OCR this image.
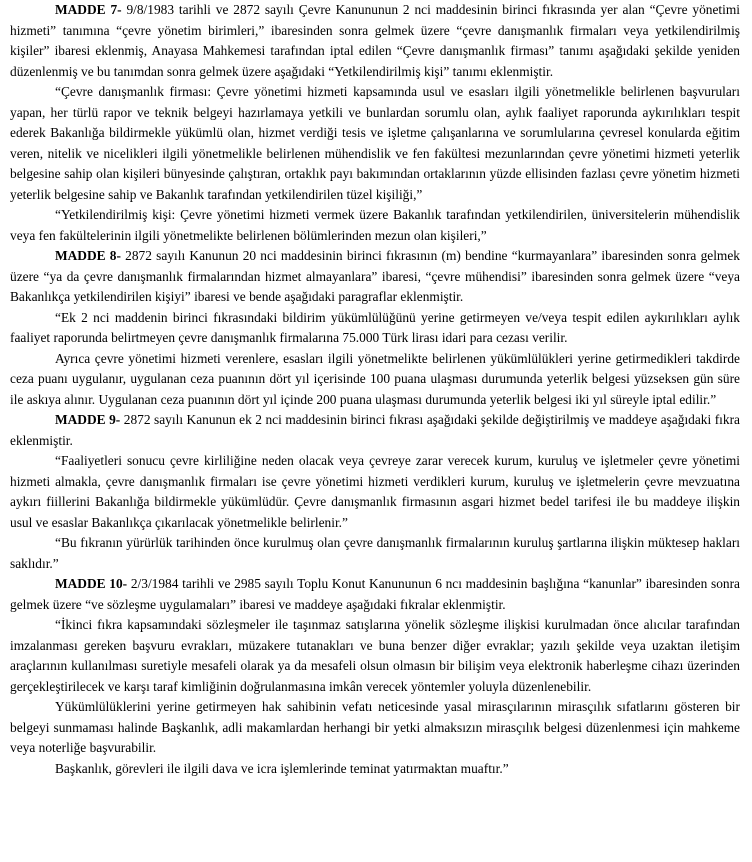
MADDE 7- 9/8/1983 tarihli ve 2872 sayılı Çevre Kanununun 2 nci maddesinin birinci fıkrasında yer alan “Çevre yönetimi hizmeti” tanımına “çevre yönetim birimleri,” ibaresinden sonra gelmek üzere “çevre danışmanlık firmaları veya yetkilendirilmiş kişiler” ibaresi eklenmiş, Anayasa Mahkemesi tarafından iptal edilen “Çevre danışmanlık firması” tanımı aşağıdaki şekilde yeniden düzenlenmiş ve bu tanımdan sonra gelmek üzere aşağıdaki “Yetkilendirilmiş kişi” tanımı eklenmiştir.

“Çevre danışmanlık firması: Çevre yönetimi hizmeti kapsamında usul ve esasları ilgili yönetmelikle belirlenen başvuruları yapan, her türlü rapor ve teknik belgeyi hazırlamaya yetkili ve bunlardan sorumlu olan, aylık faaliyet raporunda aykırılıkları tespit ederek Bakanlığa bildirmekle yükümlü olan, hizmet verdiği tesis ve işletme çalışanlarına ve sorumlularına çevresel konularda eğitim veren, nitelik ve nicelikleri ilgili yönetmelikle belirlenen mühendislik ve fen fakültesi mezunlarından çevre yönetimi hizmeti yeterlik belgesine sahip olan kişileri bünyesinde çalıştıran, ortaklık payı bakımından ortaklarının yüzde ellisinden fazlası çevre yönetim hizmeti yeterlik belgesine sahip ve Bakanlık tarafından yetkilendirilen tüzel kişiliği,”

“Yetkilendirilmiş kişi: Çevre yönetimi hizmeti vermek üzere Bakanlık tarafından yetkilendirilen, üniversitelerin mühendislik veya fen fakültelerinin ilgili yönetmelikte belirlenen bölümlerinden mezun olan kişileri,”

MADDE 8- 2872 sayılı Kanunun 20 nci maddesinin birinci fıkrasının (m) bendine “kurmayanlara” ibaresinden sonra gelmek üzere “ya da çevre danışmanlık firmalarından hizmet almayanlara” ibaresi, “çevre mühendisi” ibaresinden sonra gelmek üzere “veya Bakanlıkça yetkilendirilen kişiyi” ibaresi ve bende aşağıdaki paragraflar eklenmiştir.

“Ek 2 nci maddenin birinci fıkrasındaki bildirim yükümlülüğünü yerine getirmeyen ve/veya tespit edilen aykırılıkları aylık faaliyet raporunda belirtmeyen çevre danışmanlık firmalarına 75.000 Türk lirası idari para cezası verilir.

Ayrıca çevre yönetimi hizmeti verenlere, esasları ilgili yönetmelikte belirlenen yükümlülükleri yerine getirmedikleri takdirde ceza puanı uygulanır, uygulanan ceza puanının dört yıl içerisinde 100 puana ulaşması durumunda yeterlik belgesi yüzseksen gün süre ile askıya alınır. Uygulanan ceza puanının dört yıl içinde 200 puana ulaşması durumunda yeterlik belgesi iki yıl süreyle iptal edilir.”

MADDE 9- 2872 sayılı Kanunun ek 2 nci maddesinin birinci fıkrası aşağıdaki şekilde değiştirilmiş ve maddeye aşağıdaki fıkra eklenmiştir.

“Faaliyetleri sonucu çevre kirliliğine neden olacak veya çevreye zarar verecek kurum, kuruluş ve işletmeler çevre yönetimi hizmeti almakla, çevre danışmanlık firmaları ise çevre yönetimi hizmeti verdikleri kurum, kuruluş ve işletmelerin çevre mevzuatına aykırı fiillerini Bakanlığa bildirmekle yükümlüdür. Çevre danışmanlık firmasının asgari hizmet bedel tarifesi ile bu maddeye ilişkin usul ve esaslar Bakanlıkça çıkarılacak yönetmelikle belirlenir.”

“Bu fıkranın yürürlük tarihinden önce kurulmuş olan çevre danışmanlık firmalarının kuruluş şartlarına ilişkin müktesep hakları saklıdır.”

MADDE 10- 2/3/1984 tarihli ve 2985 sayılı Toplu Konut Kanununun 6 ncı maddesinin başlığına “kanunlar” ibaresinden sonra gelmek üzere “ve sözleşme uygulamaları” ibaresi ve maddeye aşağıdaki fıkralar eklenmiştir.

“İkinci fıkra kapsamındaki sözleşmeler ile taşınmaz satışlarına yönelik sözleşme ilişkisi kurulmadan önce alıcılar tarafından imzalanması gereken başvuru evrakları, müzakere tutanakları ve buna benzer diğer evraklar; yazılı şekilde veya uzaktan iletişim araçlarının kullanılması suretiyle mesafeli olarak ya da mesafeli olsun olmasın bir bilişim veya elektronik haberleşme cihazı üzerinden gerçekleştirilecek ve karşı taraf kimliğinin doğrulanmasına imkân verecek yöntemler yoluyla düzenlenebilir.

Yükümlülüklerini yerine getirmeyen hak sahibinin vefatı neticesinde yasal mirasçılarının mirasçılık sıfatlarını gösteren bir belgeyi sunmaması halinde Başkanlık, adli makamlardan herhangi bir yetki almaksızın mirasçılık belgesi düzenlenmesi için mahkeme veya noterliğe başvurabilir.

Başkanlık, görevleri ile ilgili dava ve icra işlemlerinde teminat yatırmaktan muaftır.”
